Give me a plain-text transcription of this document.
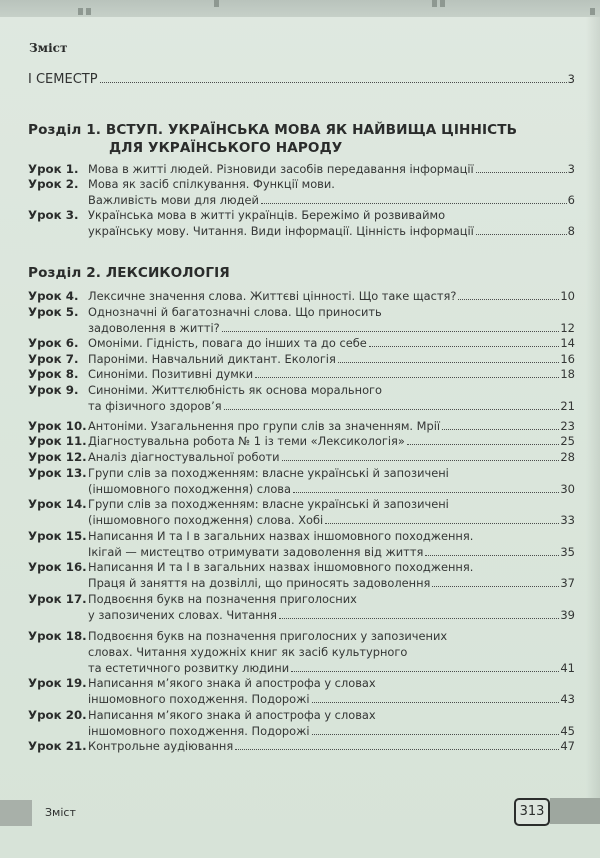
Зміст
І СЕМЕСТР	3
Розділ 1. ВСТУП. УКРАЇНСЬКА МОВА ЯК НАЙВИЩА ЦІННІСТЬ
ДЛЯ УКРАЇНСЬКОГО НАРОДУ
Розділ 2. ЛЕКСИКОЛОГІЯ
Урок 1. Мова в житті людей. Різновиди засобів передавання інформації	3
Урок 2. Мова як засіб спілкування. Функції мови.
Важливість мови для людей	6
Урок 3. Українська мова в житті українців. Бережімо й розвиваймо
українську мову. Читання. Види інформації. Цінність інформації	8
Урок 4. Лексичне значення слова. Життєві цінності. Що таке щастя?	10
Урок 5. Однозначні й багатозначні слова. Що приносить
задоволення в житті?	12
Урок 6. Омоніми. Гідність, повага до інших та до себе	14
Урок 7. Пароніми. Навчальний диктант. Екологія	16
Урок 8. Синоніми. Позитивні думки	18
Урок 9. Синоніми. Життєлюбність як основа морального
та фізичного здоров’я	21
Урок 10. Антоніми. Узагальнення про групи слів за значенням. Мрії	23
Урок 11. Діагностувальна робота № 1 із теми «Лексикологія»	25
Урок 12. Аналіз діагностувальної роботи	28
Урок 13. Групи слів за походженням: власне українські й запозичені
(іншомовного походження) слова	30
Урок 14. Групи слів за походженням: власне українські й запозичені
(іншомовного походження) слова. Хобі	33
Урок 15. Написання И та І в загальних назвах іншомовного походження.
Ікігай — мистецтво отримувати задоволення від життя	35
Урок 16. Написання И та І в загальних назвах іншомовного походження.
Праця й заняття на дозвіллі, що приносять задоволення	37
Урок 17. Подвоєння букв на позначення приголосних
у запозичених словах. Читання	39
Урок 18. Подвоєння букв на позначення приголосних у запозичених
словах. Читання художніх книг як засіб культурного
та естетичного розвитку людини	41
Урок 19. Написання м’якого знака й апострофа у словах
іншомовного походження. Подорожі	43
Урок 20. Написання м’якого знака й апострофа у словах
іншомовного походження. Подорожі	45
Урок 21. Контрольне аудіювання	47
Зміст	313
